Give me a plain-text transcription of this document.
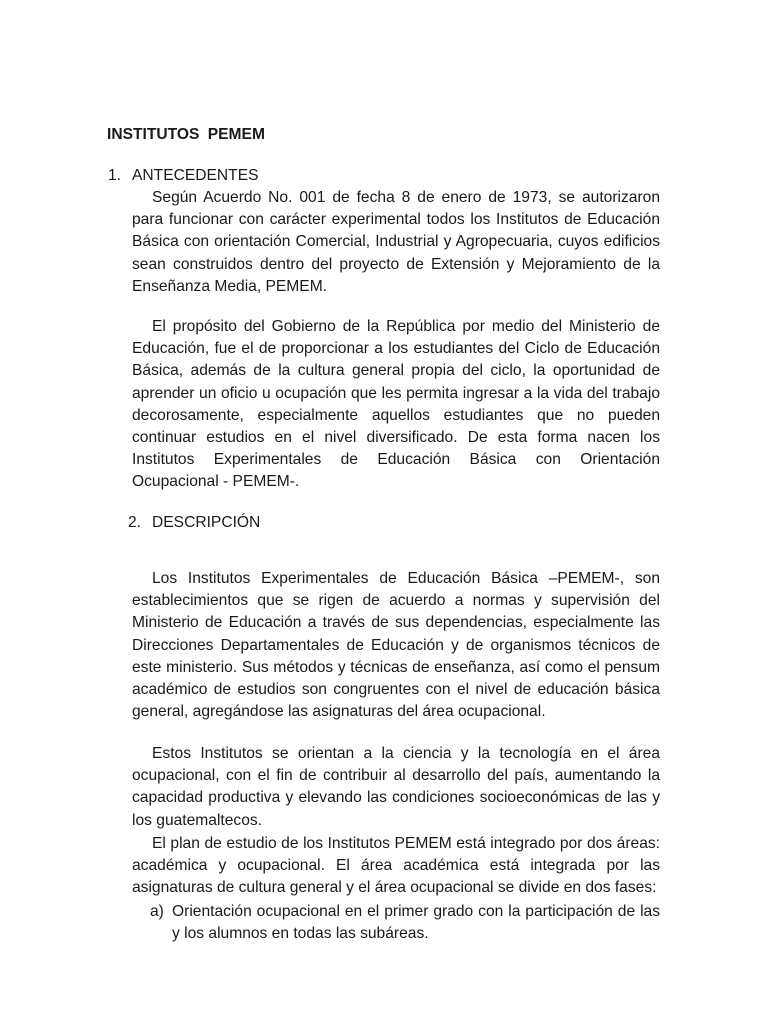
INSTITUTOS PEMEM
1. ANTECEDENTES

Según Acuerdo No. 001 de fecha 8 de enero de 1973, se autorizaron para funcionar con carácter experimental todos los Institutos de Educación Básica con orientación Comercial, Industrial y Agropecuaria, cuyos edificios sean construidos dentro del proyecto de Extensión y Mejoramiento de la Enseñanza Media, PEMEM.

El propósito del Gobierno de la República por medio del Ministerio de Educación, fue el de proporcionar a los estudiantes del Ciclo de Educación Básica, además de la cultura general propia del ciclo, la oportunidad de aprender un oficio u ocupación que les permita ingresar a la vida del trabajo decorosamente, especialmente aquellos estudiantes que no pueden continuar estudios en el nivel diversificado. De esta forma nacen los Institutos Experimentales de Educación Básica con Orientación Ocupacional - PEMEM-.

2. DESCRIPCIÓN

Los Institutos Experimentales de Educación Básica –PEMEM-, son establecimientos que se rigen de acuerdo a normas y supervisión del Ministerio de Educación a través de sus dependencias, especialmente las Direcciones Departamentales de Educación y de organismos técnicos de este ministerio. Sus métodos y técnicas de enseñanza, así como el pensum académico de estudios son congruentes con el nivel de educación básica general, agregándose las asignaturas del área ocupacional.

Estos Institutos se orientan a la ciencia y la tecnología en el área ocupacional, con el fin de contribuir al desarrollo del país, aumentando la capacidad productiva y elevando las condiciones socioeconómicas de las y los guatemaltecos.

El plan de estudio de los Institutos PEMEM está integrado por dos áreas: académica y ocupacional. El área académica está integrada por las asignaturas de cultura general y el área ocupacional se divide en dos fases:

a) Orientación ocupacional en el primer grado con la participación de las y los alumnos en todas las subáreas.
